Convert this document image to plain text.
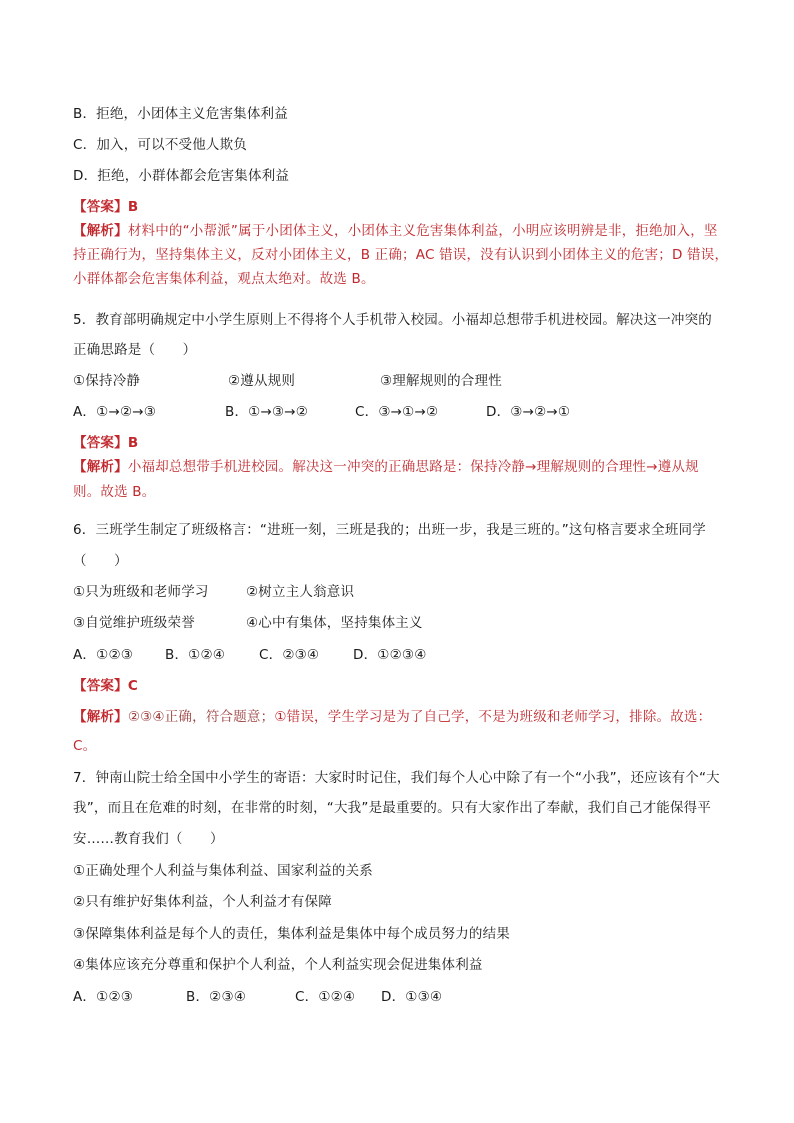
B．拒绝，小团体主义危害集体利益
C．加入，可以不受他人欺负
D．拒绝，小群体都会危害集体利益
【答案】B
【解析】材料中的“小帮派”属于小团体主义，小团体主义危害集体利益，小明应该明辨是非，拒绝加入，坚
持正确行为，坚持集体主义，反对小团体主义，B 正确；AC 错误，没有认识到小团体主义的危害；D 错误，
小群体都会危害集体利益，观点太绝对。故选 B。
5．教育部明确规定中小学生原则上不得将个人手机带入校园。小福却总想带手机进校园。解决这一冲突的
正确思路是（　　）
①保持冷静	②遵从规则	③理解规则的合理性
A．①→②→③	B．①→③→②	C．③→①→②	D．③→②→①
【答案】B
【解析】小福却总想带手机进校园。解决这一冲突的正确思路是：保持冷静→理解规则的合理性→遵从规
则。故选 B。
6．三班学生制定了班级格言：“进班一刻，三班是我的；出班一步，我是三班的。”这句格言要求全班同学
（　　）
①只为班级和老师学习	②树立主人翁意识
③自觉维护班级荣誉	④心中有集体，坚持集体主义
A．①②③ B．①②④	C．②③④	D．①②③④
【答案】C
【解析】②③④正确，符合题意；①错误，学生学习是为了自己学，不是为班级和老师学习，排除。故选：
C。
7．钟南山院士给全国中小学生的寄语：大家时时记住，我们每个人心中除了有一个“小我”，还应该有个“大
我”，而且在危难的时刻，在非常的时刻，“大我”是最重要的。只有大家作出了奉献，我们自己才能保得平
安……教育我们（　　）
①正确处理个人利益与集体利益、国家利益的关系
②只有维护好集体利益，个人利益才有保障
③保障集体利益是每个人的责任，集体利益是集体中每个成员努力的结果
④集体应该充分尊重和保护个人利益，个人利益实现会促进集体利益
A．①②③	B．②③④	C．①②④ D．①③④
